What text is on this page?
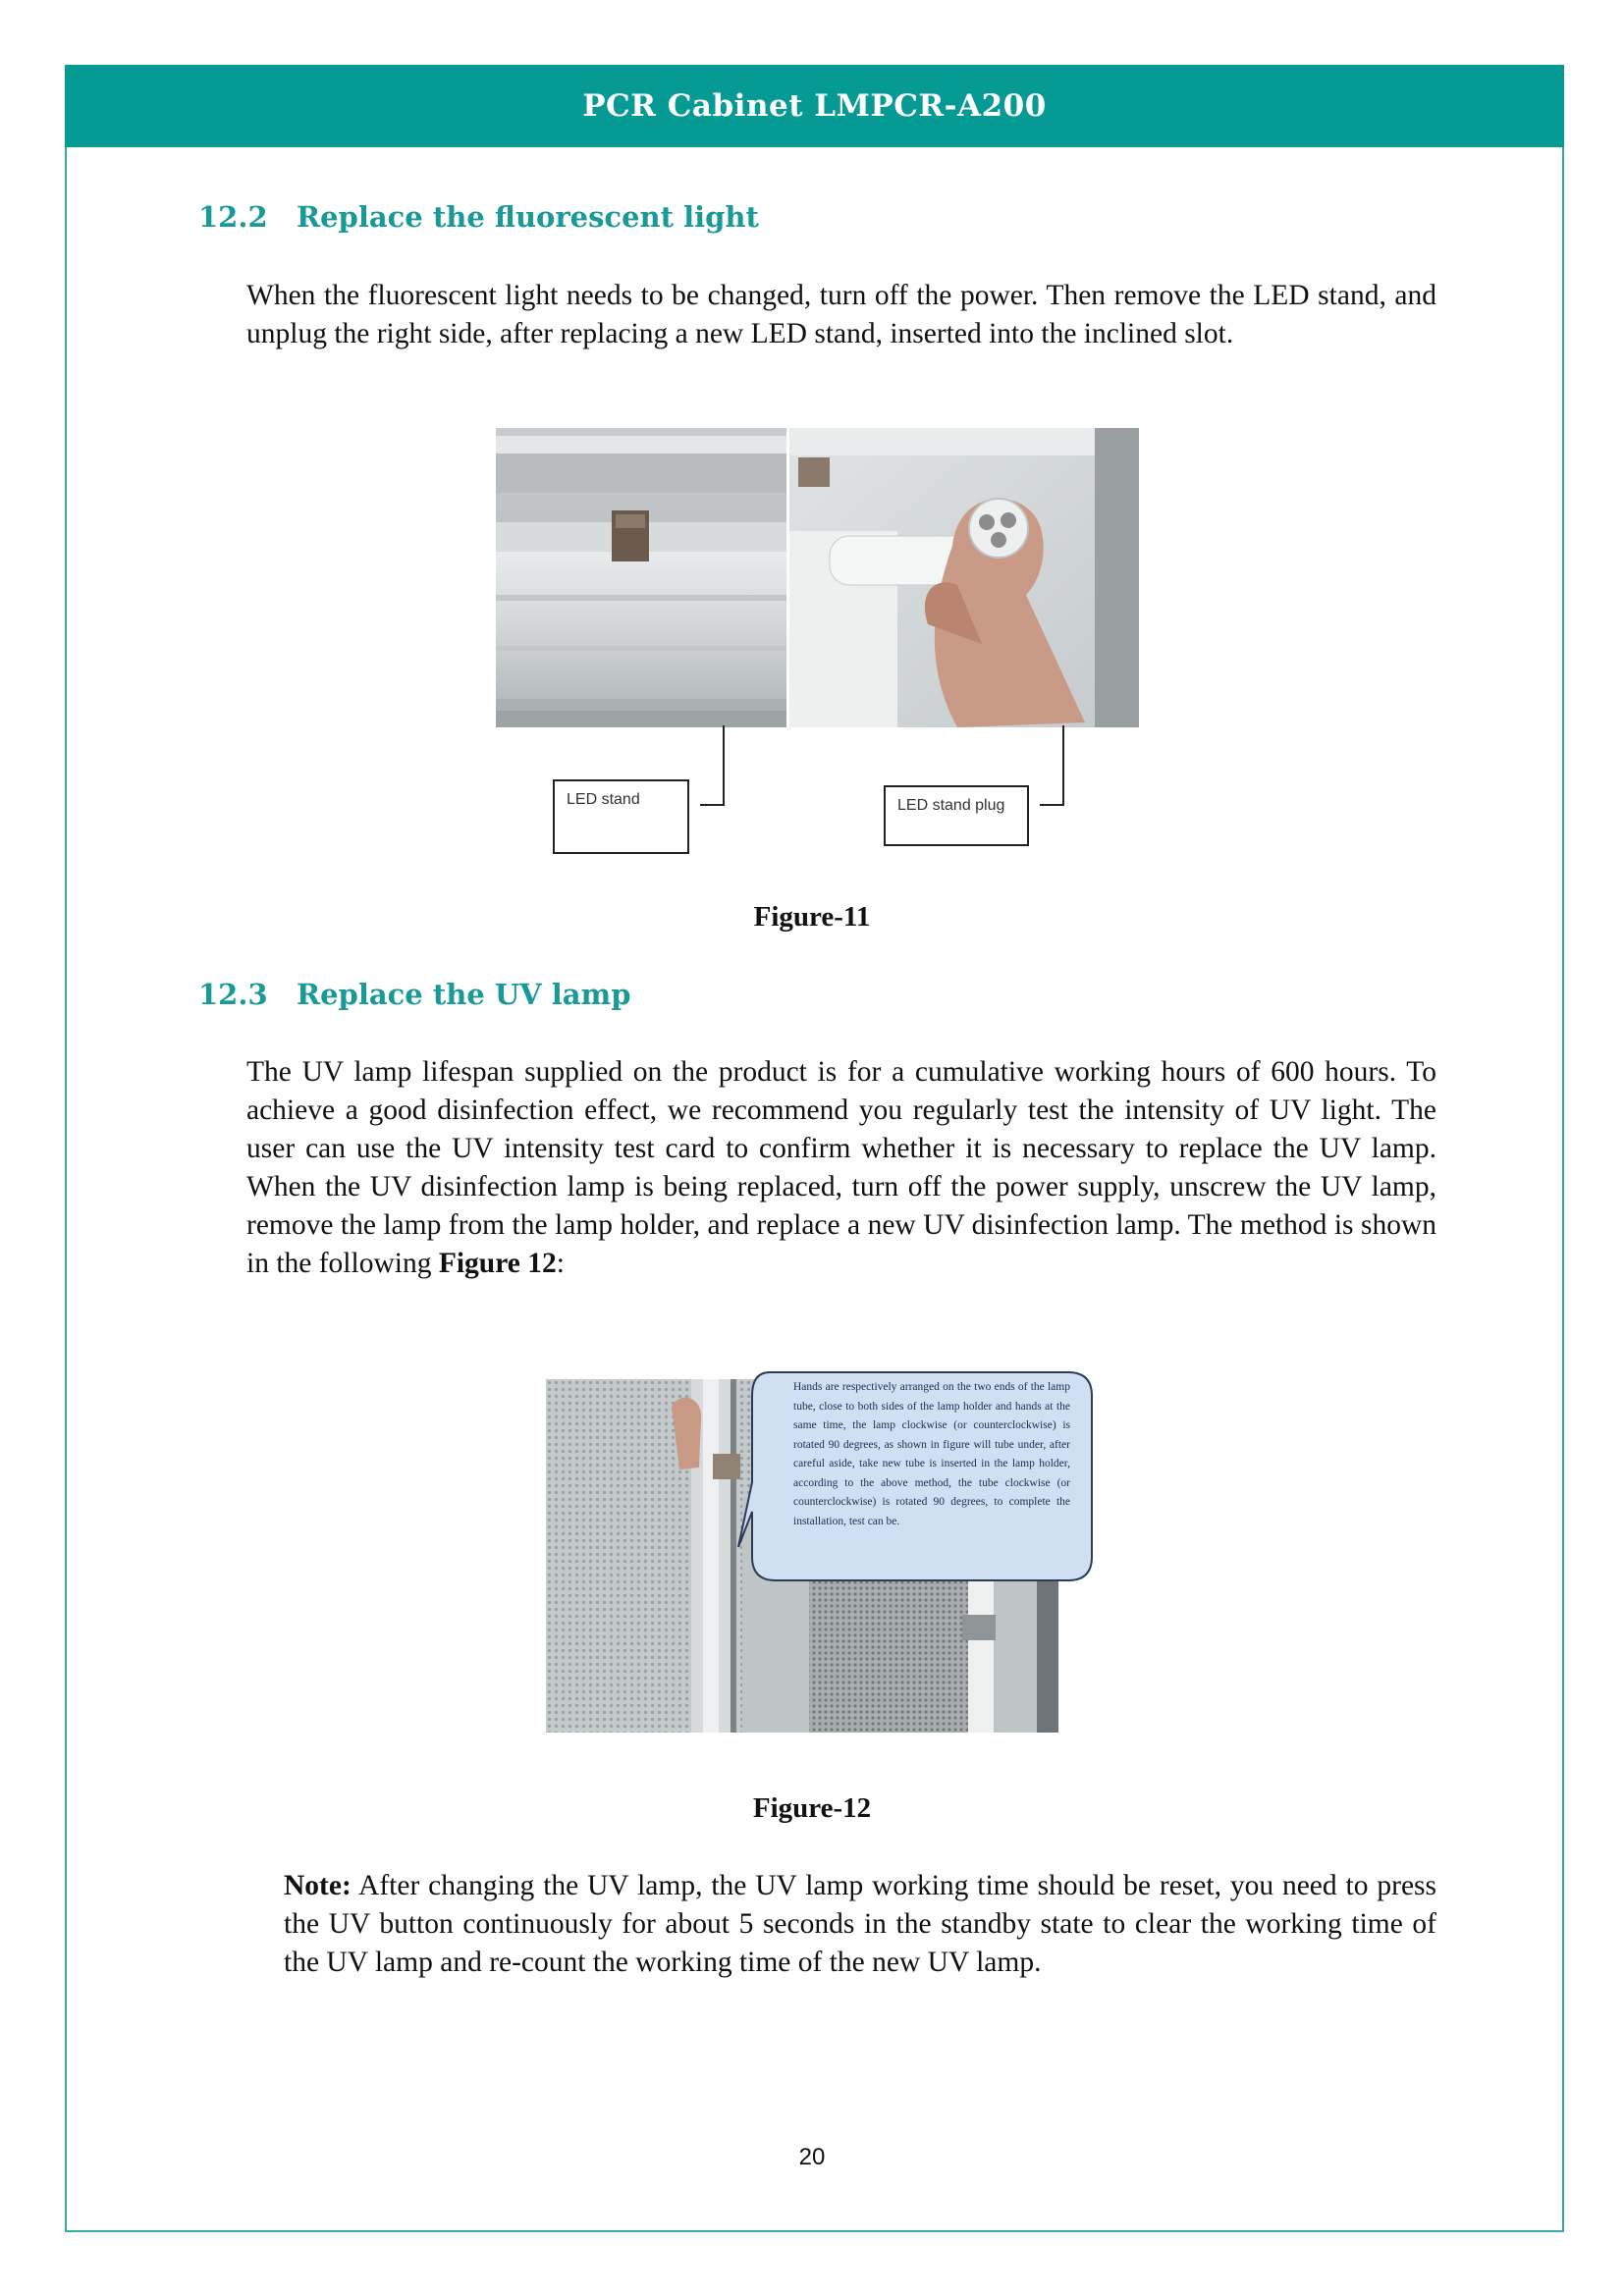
PCR Cabinet LMPCR-A200
12.2 Replace the fluorescent light

When the fluorescent light needs to be changed, turn off the power. Then remove the LED stand, and unplug the right side, after replacing a new LED stand, inserted into the inclined slot.

LED stand	LED stand plug
Figure-11
12.3 Replace the UV lamp

The UV lamp lifespan supplied on the product is for a cumulative working hours of 600 hours. To achieve a good disinfection effect, we recommend you regularly test the intensity of UV light. The user can use the UV intensity test card to confirm whether it is necessary to replace the UV lamp. When the UV disinfection lamp is being replaced, turn off the power supply, unscrew the UV lamp, remove the lamp from the lamp holder, and replace a new UV disinfection lamp. The method is shown in the following Figure 12:

Hands are respectively arranged on the two ends of the lamp tube, close to both sides of the lamp holder and hands at the same time, the lamp clockwise (or counterclockwise) is rotated 90 degrees, as shown in figure will tube under, after careful aside, take new tube is inserted in the lamp holder, according to the above method, the tube clockwise (or counterclockwise) is rotated 90 degrees, to complete the installation, test can be.
Figure-12

Note: After changing the UV lamp, the UV lamp working time should be reset, you need to press the UV button continuously for about 5 seconds in the standby state to clear the working time of the UV lamp and re-count the working time of the new UV lamp.

20
